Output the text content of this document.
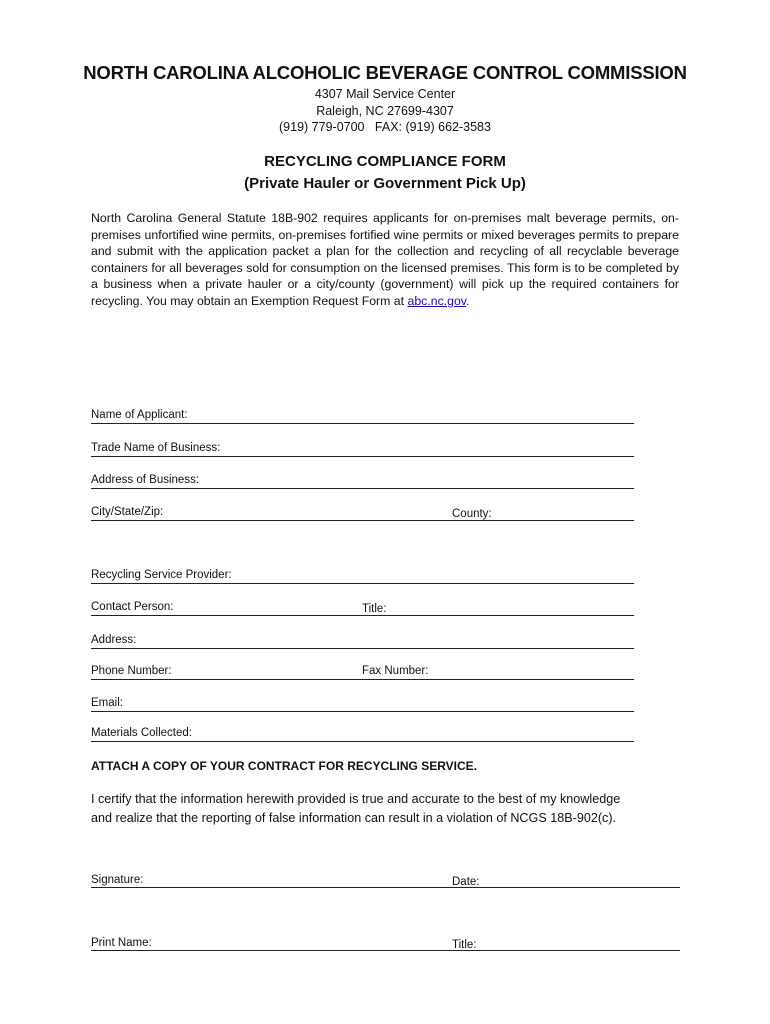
NORTH CAROLINA ALCOHOLIC BEVERAGE CONTROL COMMISSION
4307 Mail Service Center
Raleigh, NC 27699-4307
(919) 779-0700   FAX: (919) 662-3583
RECYCLING COMPLIANCE FORM
(Private Hauler or Government Pick Up)
North Carolina General Statute 18B-902 requires applicants for on-premises malt beverage permits, on-premises unfortified wine permits, on-premises fortified wine permits or mixed beverages permits to prepare and submit with the application packet a plan for the collection and recycling of all recyclable beverage containers for all beverages sold for consumption on the licensed premises. This form is to be completed by a business when a private hauler or a city/county (government) will pick up the required containers for recycling. You may obtain an Exemption Request Form at abc.nc.gov.
Name of Applicant:
Trade Name of Business:
Address of Business:
City/State/Zip:	County:
Recycling Service Provider:
Contact Person:	Title:
Address:
Phone Number:	Fax Number:
Email:
Materials Collected:
ATTACH A COPY OF YOUR CONTRACT FOR RECYCLING SERVICE.
I certify that the information herewith provided is true and accurate to the best of my knowledge
and realize that the reporting of false information can result in a violation of NCGS 18B-902(c).
Signature:	Date:
Print Name:	Title:
